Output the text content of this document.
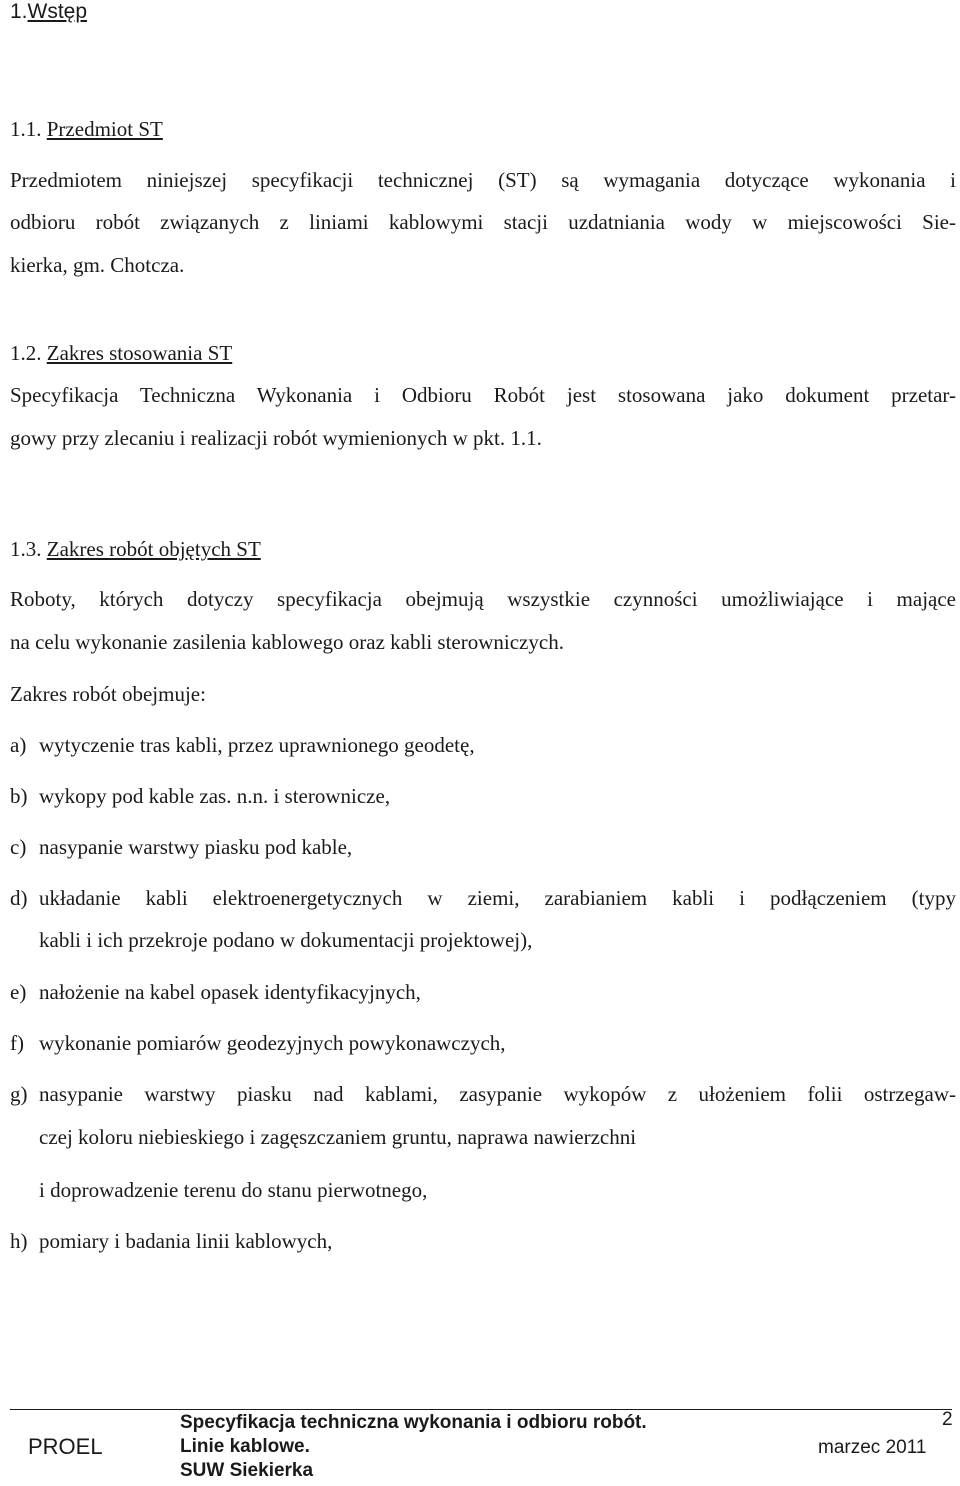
1.Wstęp
1.1. Przedmiot ST
Przedmiotem niniejszej specyfikacji technicznej (ST) są wymagania dotyczące wykonania i
odbioru robót związanych z liniami kablowymi stacji uzdatniania wody w miejscowości Sie-
kierka, gm. Chotcza.
1.2. Zakres stosowania ST
Specyfikacja Techniczna Wykonania i Odbioru Robót jest stosowana jako dokument przetar-
gowy przy zlecaniu i realizacji robót wymienionych w pkt. 1.1.
1.3. Zakres robót objętych ST
Roboty, których dotyczy specyfikacja obejmują wszystkie czynności umożliwiające i mające
na celu wykonanie zasilenia kablowego oraz kabli sterowniczych.
Zakres robót obejmuje:
a) wytyczenie tras kabli, przez uprawnionego geodetę,
b) wykopy pod kable zas. n.n. i sterownicze,
c) nasypanie warstwy piasku pod kable,
d) układanie kabli elektroenergetycznych w ziemi, zarabianiem kabli i podłączeniem (typy
kabli i ich przekroje podano w dokumentacji projektowej),
e) nałożenie na kabel opasek identyfikacyjnych,
f) wykonanie pomiarów geodezyjnych powykonawczych,
g) nasypanie warstwy piasku nad kablami, zasypanie wykopów z ułożeniem folii ostrzegaw-
czej koloru niebieskiego i zagęszczaniem gruntu, naprawa nawierzchni
i doprowadzenie terenu do stanu pierwotnego,
h) pomiary i badania linii kablowych,
PROEL
Specyfikacja techniczna wykonania i odbioru robót.
Linie kablowe.
SUW Siekierka
2
marzec 2011
